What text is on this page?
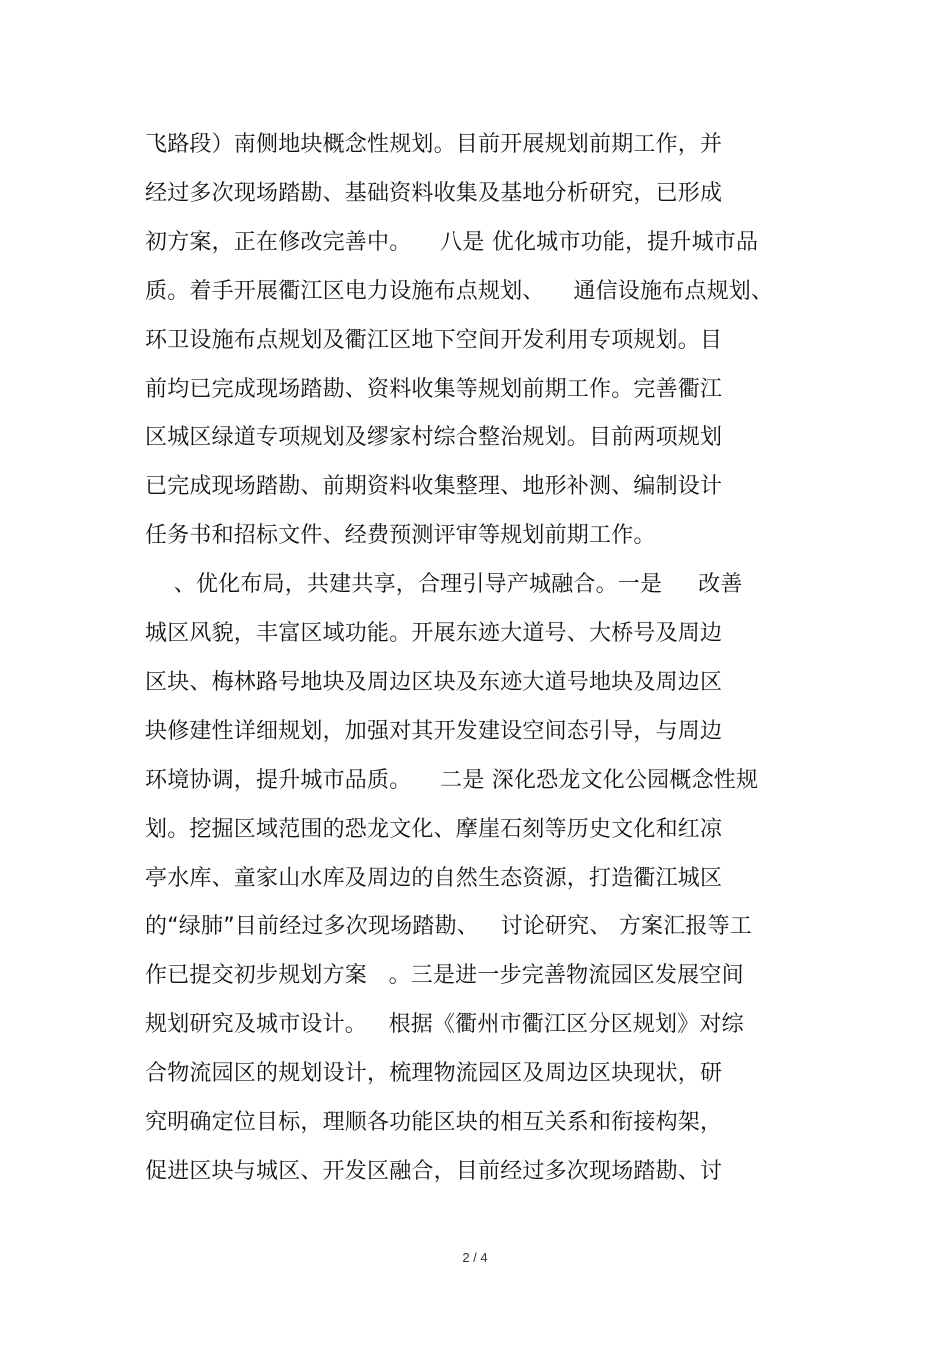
飞路段）南侧地块概念性规划。目前开展规划前期工作，并
经过多次现场踏勘、基础资料收集及基地分析研究，已形成
初方案，正在修改完善中。    八是 优化城市功能，提升城市品
质。着手开展衢江区电力设施布点规划、    通信设施布点规划、
环卫设施布点规划及衢江区地下空间开发利用专项规划。目
前均已完成现场踏勘、资料收集等规划前期工作。完善衢江
区城区绿道专项规划及缪家村综合整治规划。目前两项规划
已完成现场踏勘、前期资料收集整理、地形补测、编制设计
任务书和招标文件、经费预测评审等规划前期工作。
、优化布局，共建共享，合理引导产城融合。一是     改善
城区风貌，丰富区域功能。开展东迹大道号、大桥号及周边
区块、梅林路号地块及周边区块及东迹大道号地块及周边区
块修建性详细规划，加强对其开发建设空间态引导，与周边
环境协调，提升城市品质。    二是 深化恐龙文化公园概念性规
划。挖掘区域范围的恐龙文化、摩崖石刻等历史文化和红凉
亭水库、童家山水库及周边的自然生态资源，打造衢江城区
的“绿肺”目前经过多次现场踏勘、   讨论研究、 方案汇报等工
作已提交初步规划方案   。三是进一步完善物流园区发展空间
规划研究及城市设计。   根据《衢州市衢江区分区规划》对综
合物流园区的规划设计，梳理物流园区及周边区块现状，研
究明确定位目标，理顺各功能区块的相互关系和衔接构架，
促进区块与城区、开发区融合，目前经过多次现场踏勘、讨
2 / 4
